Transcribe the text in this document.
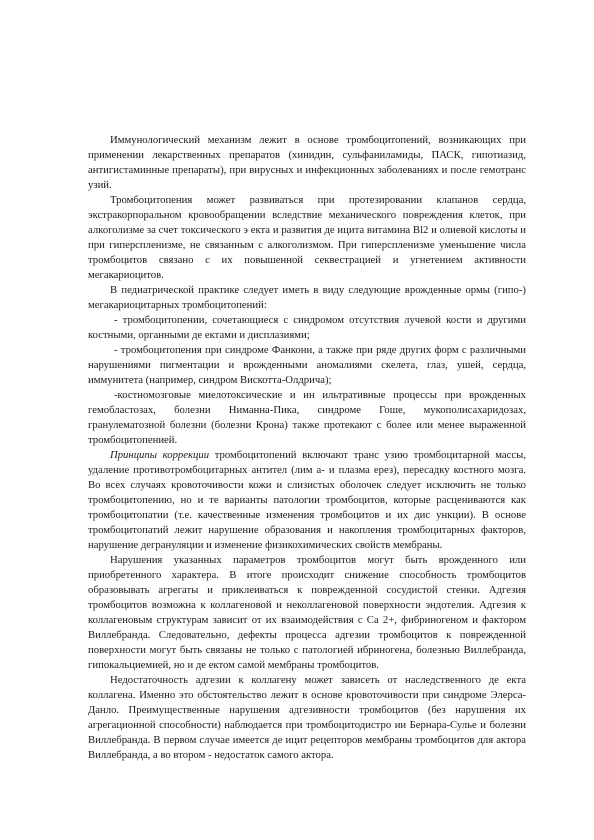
Иммунологический механизм лежит в основе тромбоцитопений, возникающих при применении лекарственных препаратов (хинидин, сульфаниламиды, ПАСК, гипотиазид, антигистаминные препараты), при вирусных и инфекционных заболеваниях и после гемотранс узий.

Тромбоцитопения может развиваться при протезировании клапанов сердца, экстракорпоральном кровообращении вследствие механического повреждения клеток, при алкоголизме за счет токсического э екта и развития де ицита витамина Bl2 и олиевой кислоты и при гиперспленизме, не связанным с алкоголизмом. При гиперспленизме уменьшение числа тромбоцитов связано с их повышенной секвестрацией и угнетением активности мегакариоцитов.

В педиатрической практике следует иметь в виду следующие врожденные ормы (гипо-) мегакариоцитарных тромбоцитопений:

- тромбоцитопении, сочетающиеся с синдромом отсутствия лучевой кости и другими костными, органными де ектами и дисплазиями;

- тромбоцитопения при синдроме Фанкони, а также при ряде других форм с различными нарушениями пигментации и врожденными аномалиями скелета, глаз, ушей, сердца, иммунитета (например, синдром Вискотта-Олдрича);

-костномозговые миелотоксические и ин ильтративные процессы при врожденных гемобластозах, болезни Ниманна-Пика, синдроме Гоше, мукополисахаридозах, гранулематозной болезни (болезни Крона) также протекают с более или менее выраженной тромбоцитопенией.

Принципы коррекции тромбоцитопений включают транс узию тромбоцитарной массы, удаление противотромбоцитарных антител (лим а- и плазма ерез), пересадку костного мозга. Во всех случаях кровоточивости кожи и слизистых оболочек следует исключить не только тромбоцитопению, но и те варианты патологии тромбоцитов, которые расцениваются как тромбоцитопатии (т.е. качественные изменения тромбоцитов и их дис ункции). В основе тромбоцитопатий лежит нарушение образования и накопления тромбоцитарных факторов, нарушение дегрануляции и изменение физикохимических свойств мембраны.

Нарушения указанных параметров тромбоцитов могут быть врожденного или приобретенного характера. В итоге происходит снижение способность тромбоцитов образовывать агрегаты и приклеиваться к поврежденной сосудистой стенки. Адгезия тромбоцитов возможна к коллагеновой и неколлагеновой поверхности эндотелия. Адгезия к коллагеновым структурам зависит от их взаимодействия с Са 2+, фибриногеном и фактором Виллебранда. Следовательно, дефекты процесса адгезии тромбоцитов к поврежденной поверхности могут быть связаны не только с патологией ибриногена, болезнью Виллебранда, гипокальциемией, но и де ектом самой мембраны тромбоцитов.

Недостаточность адгезии к коллагену может зависеть от наследственного де екта коллагена. Именно это обстоятельство лежит в основе кровоточивости при синдроме Элерса-Данло. Преимущественные нарушения адгезивности тромбоцитов (без нарушения их агрегационной способности) наблюдается при тромбоцитодистро ии Бернара-Сулье и болезни Виллебранда. В первом случае имеется де ицит рецепторов мембраны тромбоцитов для актора Виллебранда, а во втором - недостаток самого актора.
